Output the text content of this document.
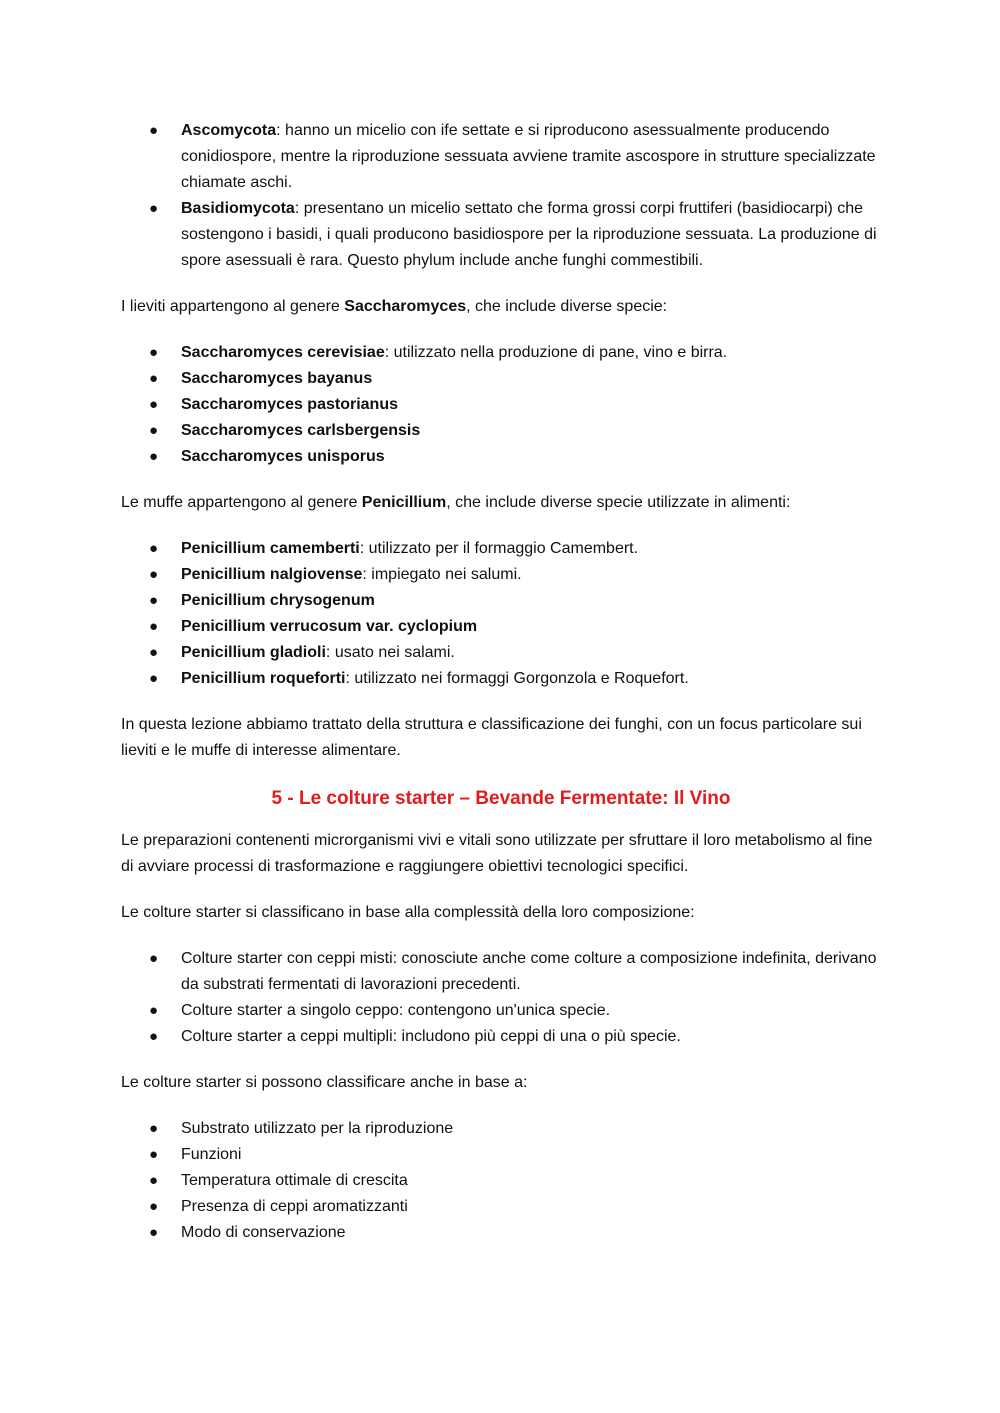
● Ascomycota: hanno un micelio con ife settate e si riproducono asessualmente producendo conidiospore, mentre la riproduzione sessuata avviene tramite ascospore in strutture specializzate chiamate aschi.
● Basidiomycota: presentano un micelio settato che forma grossi corpi fruttiferi (basidiocarpi) che sostengono i basidi, i quali producono basidiospore per la riproduzione sessuata. La produzione di spore asessuali è rara. Questo phylum include anche funghi commestibili.

I lieviti appartengono al genere Saccharomyces, che include diverse specie:

● Saccharomyces cerevisiae: utilizzato nella produzione di pane, vino e birra.
● Saccharomyces bayanus
● Saccharomyces pastorianus
● Saccharomyces carlsbergensis
● Saccharomyces unisporus

Le muffe appartengono al genere Penicillium, che include diverse specie utilizzate in alimenti:

● Penicillium camemberti: utilizzato per il formaggio Camembert.
● Penicillium nalgiovense: impiegato nei salumi.
● Penicillium chrysogenum
● Penicillium verrucosum var. cyclopium
● Penicillium gladioli: usato nei salami.
● Penicillium roqueforti: utilizzato nei formaggi Gorgonzola e Roquefort.

In questa lezione abbiamo trattato della struttura e classificazione dei funghi, con un focus particolare sui lieviti e le muffe di interesse alimentare.

5 - Le colture starter – Bevande Fermentate: Il Vino

Le preparazioni contenenti microrganismi vivi e vitali sono utilizzate per sfruttare il loro metabolismo al fine di avviare processi di trasformazione e raggiungere obiettivi tecnologici specifici.

Le colture starter si classificano in base alla complessità della loro composizione:

● Colture starter con ceppi misti: conosciute anche come colture a composizione indefinita, derivano da substrati fermentati di lavorazioni precedenti.
● Colture starter a singolo ceppo: contengono un'unica specie.
● Colture starter a ceppi multipli: includono più ceppi di una o più specie.

Le colture starter si possono classificare anche in base a:

● Substrato utilizzato per la riproduzione
● Funzioni
● Temperatura ottimale di crescita
● Presenza di ceppi aromatizzanti
● Modo di conservazione
